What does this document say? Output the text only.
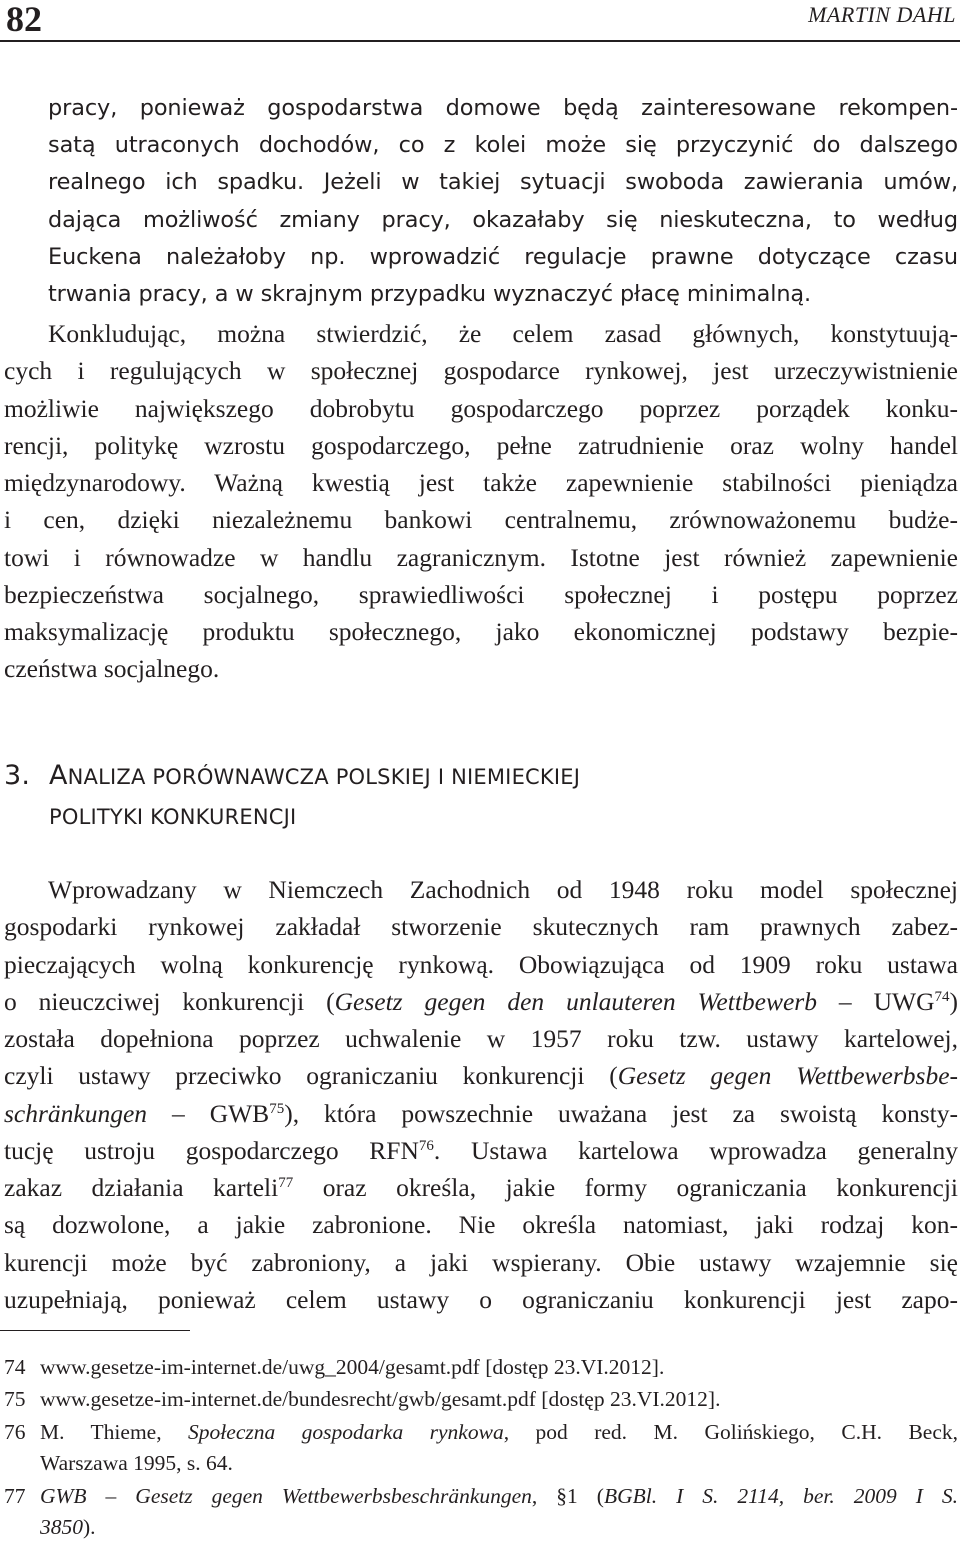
82	MARTIN DAHL
pracy, ponieważ gospodarstwa domowe będą zainteresowane rekompen-
satą utraconych dochodów, co z kolei może się przyczynić do dalszego
realnego ich spadku. Jeżeli w takiej sytuacji swoboda zawierania umów,
dająca możliwość zmiany pracy, okazałaby się nieskuteczna, to według
Euckena należałoby np. wprowadzić regulacje prawne dotyczące czasu
trwania pracy, a w skrajnym przypadku wyznaczyć płacę minimalną.
Konkludując, można stwierdzić, że celem zasad głównych, konstytuują-
cych i regulujących w społecznej gospodarce rynkowej, jest urzeczywistnienie
możliwie największego dobrobytu gospodarczego poprzez porządek konku-
rencji, politykę wzrostu gospodarczego, pełne zatrudnienie oraz wolny handel
międzynarodowy. Ważną kwestią jest także zapewnienie stabilności pieniądza
i cen, dzięki niezależnemu bankowi centralnemu, zrównoważonemu budże-
towi i równowadze w handlu zagranicznym. Istotne jest również zapewnienie
bezpieczeństwa socjalnego, sprawiedliwości społecznej i postępu poprzez
maksymalizację produktu społecznego, jako ekonomicznej podstawy bezpie-
czeństwa socjalnego.
3. ANALIZA PORÓWNAWCZA POLSKIEJ I NIEMIECKIEJ
POLITYKI KONKURENCJI
Wprowadzany w Niemczech Zachodnich od 1948 roku model społecznej
gospodarki rynkowej zakładał stworzenie skutecznych ram prawnych zabez-
pieczających wolną konkurencję rynkową. Obowiązująca od 1909 roku ustawa
o nieuczciwej konkurencji (Gesetz gegen den unlauteren Wettbewerb – UWG$^{74}$)
została dopełniona poprzez uchwalenie w 1957 roku tzw. ustawy kartelowej,
czyli ustawy przeciwko ograniczaniu konkurencji (Gesetz gegen Wettbewerbsbe-
schränkungen – GWB$^{75}$), która powszechnie uważana jest za swoistą konsty-
tucję ustroju gospodarczego RFN$^{76}$. Ustawa kartelowa wprowadza generalny
zakaz działania karteli$^{77}$ oraz określa, jakie formy ograniczania konkurencji
są dozwolone, a jakie zabronione. Nie określa natomiast, jaki rodzaj kon-
kurencji może być zabroniony, a jaki wspierany. Obie ustawy wzajemnie się
uzupełniają, ponieważ celem ustawy o ograniczaniu konkurencji jest zapo-
74 www.gesetze-im-internet.de/uwg_2004/gesamt.pdf [dostęp 23.VI.2012].
75 www.gesetze-im-internet.de/bundesrecht/gwb/gesamt.pdf [dostęp 23.VI.2012].
76 M. Thieme, Społeczna gospodarka rynkowa, pod red. M. Golińskiego, C.H. Beck,
Warszawa 1995, s. 64.
77 GWB – Gesetz gegen Wettbewerbsbeschränkungen, §1 (BGBl. I S. 2114, ber. 2009 I S.
3850).
